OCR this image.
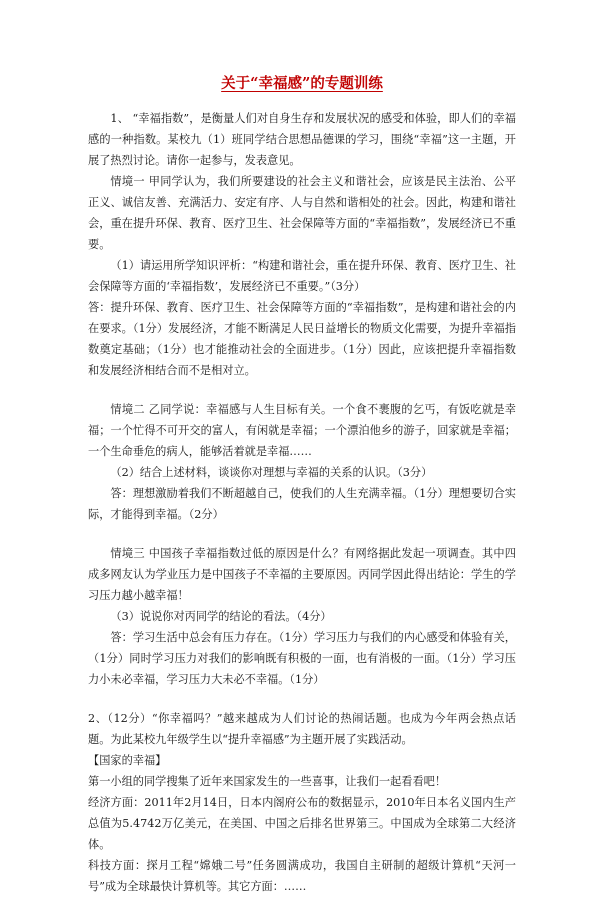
关于“幸福感”的专题训练

1、 “幸福指数”，是衡量人们对自身生存和发展状况的感受和体验，即人们的幸福感的一种指数。某校九（1）班同学结合思想品德课的学习，围绕“幸福”这一主题，开展了热烈讨论。请你一起参与，发表意见。

情境一 甲同学认为，我们所要建设的社会主义和谐社会，应该是民主法治、公平正义、诚信友善、充满活力、安定有序、人与自然和谐相处的社会。因此，构建和谐社会，重在提升环保、教育、医疗卫生、社会保障等方面的“幸福指数”，发展经济已不重要。

（1）请运用所学知识评析：“构建和谐社会，重在提升环保、教育、医疗卫生、社会保障等方面的‘幸福指数’，发展经济已不重要。”（3分）

答：提升环保、教育、医疗卫生、社会保障等方面的“幸福指数”，是构建和谐社会的内在要求。（1分）发展经济，才能不断满足人民日益增长的物质文化需要，为提升幸福指数奠定基础；（1分）也才能推动社会的全面进步。（1分）因此，应该把提升幸福指数和发展经济相结合而不是相对立。

情境二 乙同学说：幸福感与人生目标有关。一个食不裹腹的乞丐，有饭吃就是幸福；一个忙得不可开交的富人，有闲就是幸福；一个漂泊他乡的游子，回家就是幸福；一个生命垂危的病人，能够活着就是幸福……

（2）结合上述材料，谈谈你对理想与幸福的关系的认识。（3分）

答：理想激励着我们不断超越自己，使我们的人生充满幸福。（1分）理想要切合实际，才能得到幸福。（2分）

情境三 中国孩子幸福指数过低的原因是什么？有网络据此发起一项调查。其中四成多网友认为学业压力是中国孩子不幸福的主要原因。丙同学因此得出结论：学生的学习压力越小越幸福！

（3）说说你对丙同学的结论的看法。（4分）

答：学习生活中总会有压力存在。（1分）学习压力与我们的内心感受和体验有关，（1分）同时学习压力对我们的影响既有积极的一面，也有消极的一面。（1分）学习压力小未必幸福，学习压力大未必不幸福。（1分）

2、（12分）“你幸福吗？”越来越成为人们讨论的热闹话题。也成为今年两会热点话题。为此某校九年级学生以“提升幸福感”为主题开展了实践活动。

【国家的幸福】

第一小组的同学搜集了近年来国家发生的一些喜事，让我们一起看看吧！

经济方面：2011年2月14日，日本内阁府公布的数据显示，2010年日本名义国内生产总值为5.4742万亿美元，在美国、中国之后排名世界第三。中国成为全球第二大经济体。

科技方面：探月工程“嫦娥二号”任务圆满成功，我国自主研制的超级计算机“天河一号”成为全球最快计算机等。其它方面：……
